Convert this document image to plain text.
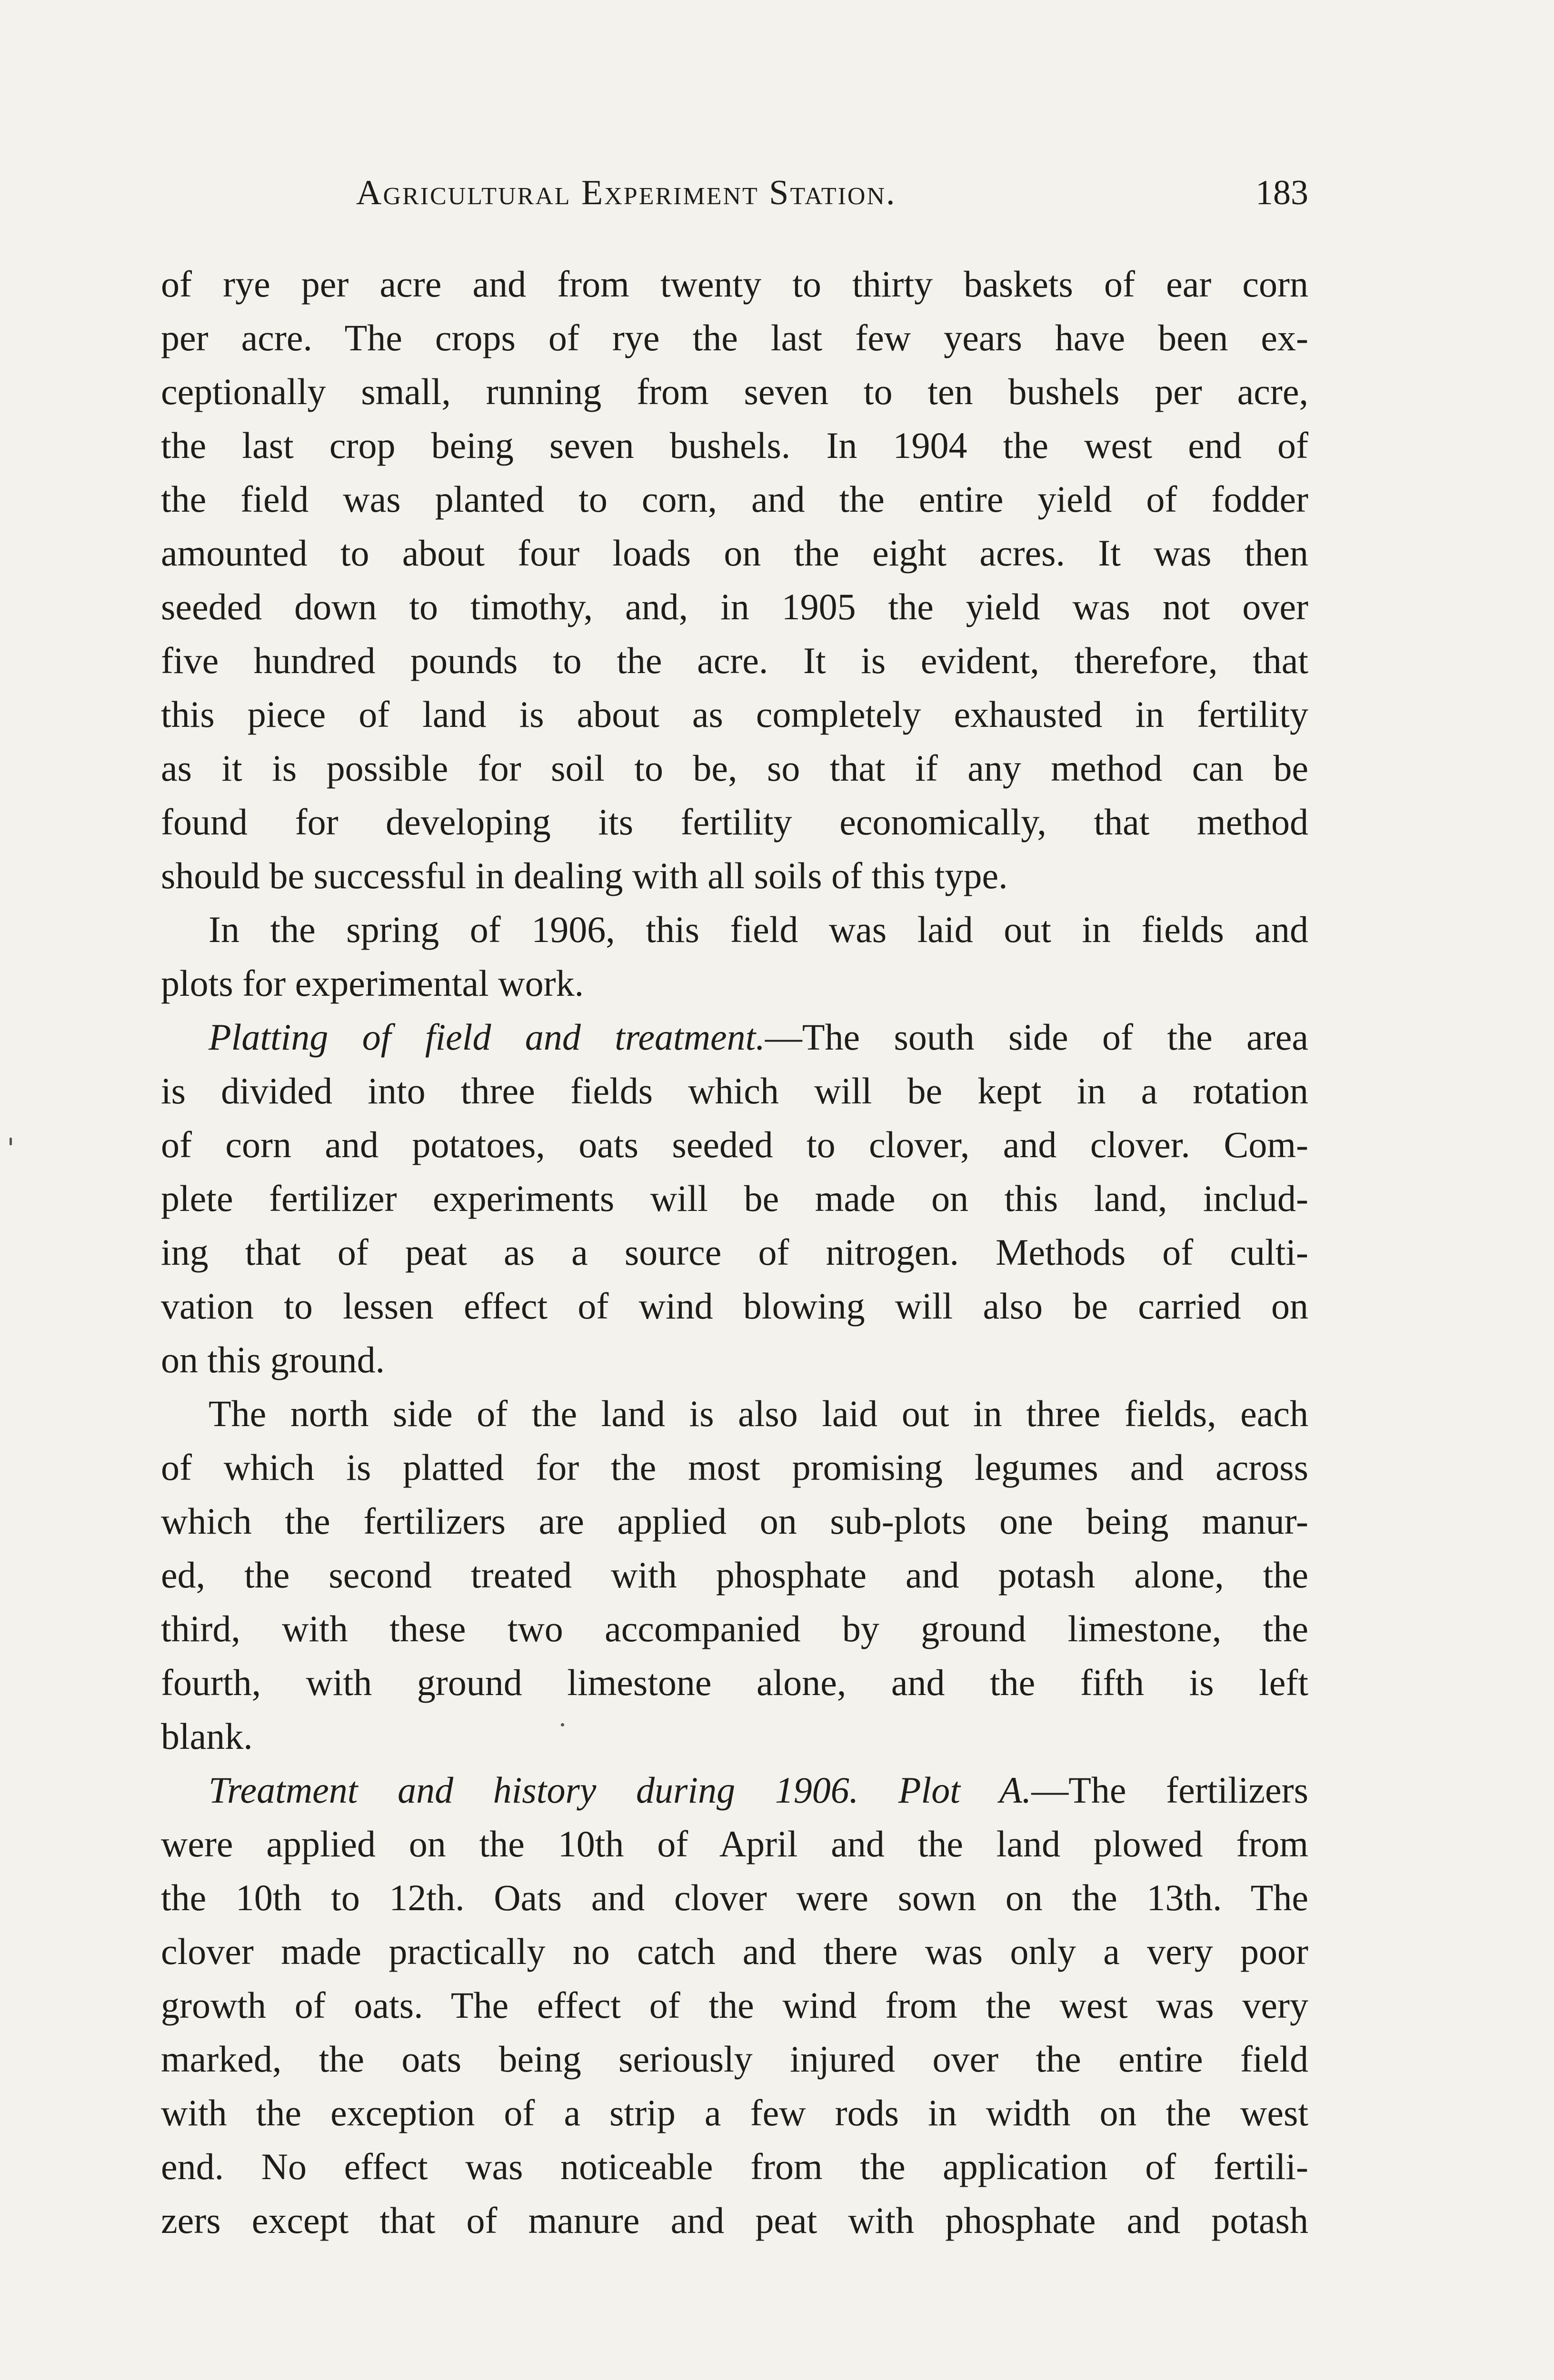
Agricultural Experiment Station.	183

of rye per acre and from twenty to thirty baskets of ear corn
per acre. The crops of rye the last few years have been ex-
ceptionally small, running from seven to ten bushels per acre,
the last crop being seven bushels. In 1904 the west end of
the field was planted to corn, and the entire yield of fodder
amounted to about four loads on the eight acres. It was then
seeded down to timothy, and, in 1905 the yield was not over
five hundred pounds to the acre. It is evident, therefore, that
this piece of land is about as completely exhausted in fertility
as it is possible for soil to be, so that if any method can be
found for developing its fertility economically, that method
should be successful in dealing with all soils of this type.

In the spring of 1906, this field was laid out in fields and
plots for experimental work.

Platting of field and treatment.—The south side of the area
is divided into three fields which will be kept in a rotation
of corn and potatoes, oats seeded to clover, and clover. Com-
plete fertilizer experiments will be made on this land, includ-
ing that of peat as a source of nitrogen. Methods of culti-
vation to lessen effect of wind blowing will also be carried on
on this ground.

The north side of the land is also laid out in three fields, each
of which is platted for the most promising legumes and across
which the fertilizers are applied on sub-plots one being manur-
ed, the second treated with phosphate and potash alone, the
third, with these two accompanied by ground limestone, the
fourth, with ground limestone alone, and the fifth is left
blank.

Treatment and history during 1906. Plot A.—The fertilizers
were applied on the 10th of April and the land plowed from
the 10th to 12th. Oats and clover were sown on the 13th. The
clover made practically no catch and there was only a very poor
growth of oats. The effect of the wind from the west was very
marked, the oats being seriously injured over the entire field
with the exception of a strip a few rods in width on the west
end. No effect was noticeable from the application of fertili-
zers except that of manure and peat with phosphate and potash
